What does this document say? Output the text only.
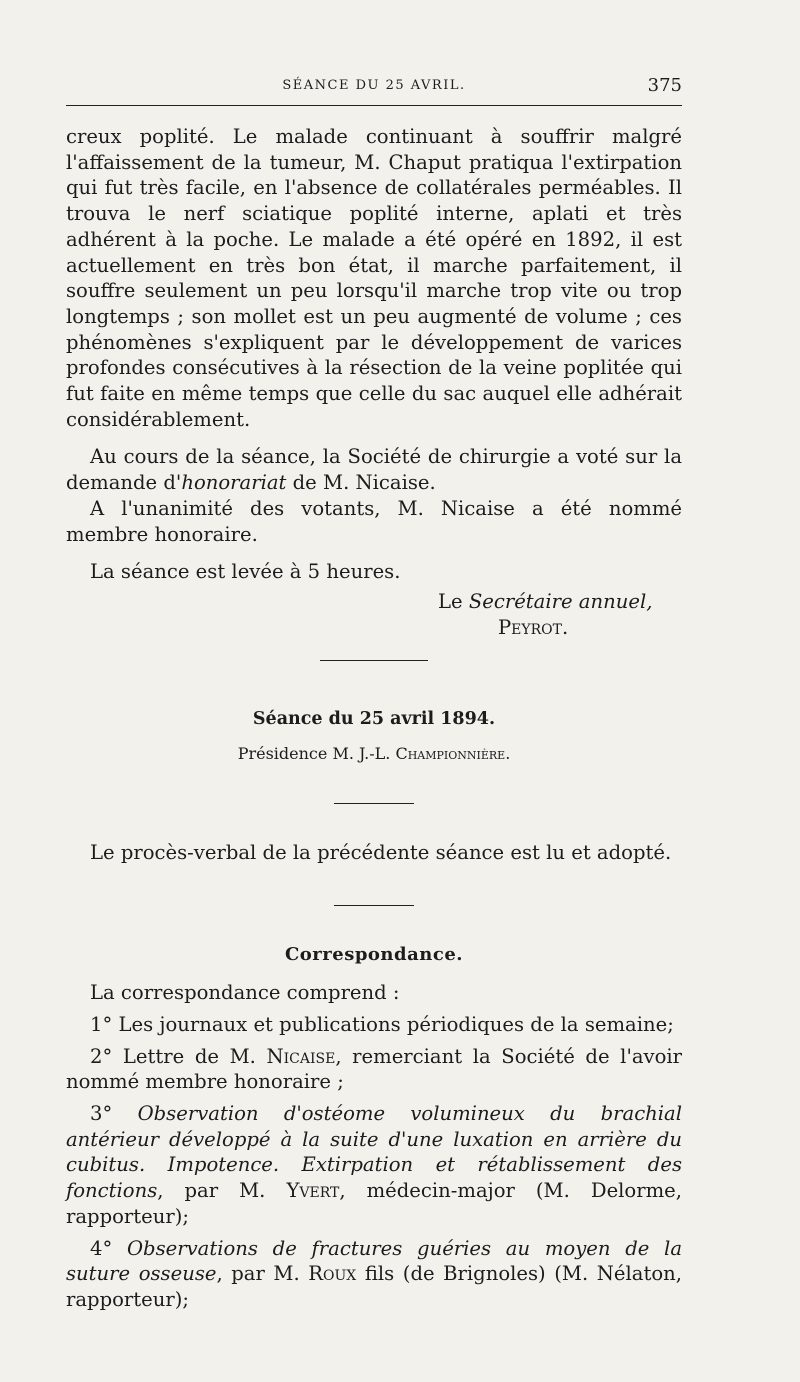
SÉANCE DU 25 AVRIL.	375

creux poplité. Le malade continuant à souffrir malgré l'affaissement de la tumeur, M. Chaput pratiqua l'extirpation qui fut très facile, en l'absence de collatérales perméables. Il trouva le nerf sciatique poplité interne, aplati et très adhérent à la poche. Le malade a été opéré en 1892, il est actuellement en très bon état, il marche parfaitement, il souffre seulement un peu lorsqu'il marche trop vite ou trop longtemps ; son mollet est un peu augmenté de volume ; ces phénomènes s'expliquent par le développement de varices profondes consécutives à la résection de la veine poplitée qui fut faite en même temps que celle du sac auquel elle adhérait considérablement.

Au cours de la séance, la Société de chirurgie a voté sur la demande d'honorariat de M. Nicaise.

A l'unanimité des votants, M. Nicaise a été nommé membre honoraire.

La séance est levée à 5 heures.

Le Secrétaire annuel,

Peyrot.

Séance du 25 avril 1894.

Présidence M. J.-L. Championnière.

Le procès-verbal de la précédente séance est lu et adopté.

Correspondance.

La correspondance comprend :

1° Les journaux et publications périodiques de la semaine;

2° Lettre de M. Nicaise, remerciant la Société de l'avoir nommé membre honoraire ;

3° Observation d'ostéome volumineux du brachial antérieur développé à la suite d'une luxation en arrière du cubitus. Impotence. Extirpation et rétablissement des fonctions, par M. Yvert, médecin-major (M. Delorme, rapporteur);

4° Observations de fractures guéries au moyen de la suture osseuse, par M. Roux fils (de Brignoles) (M. Nélaton, rapporteur);
